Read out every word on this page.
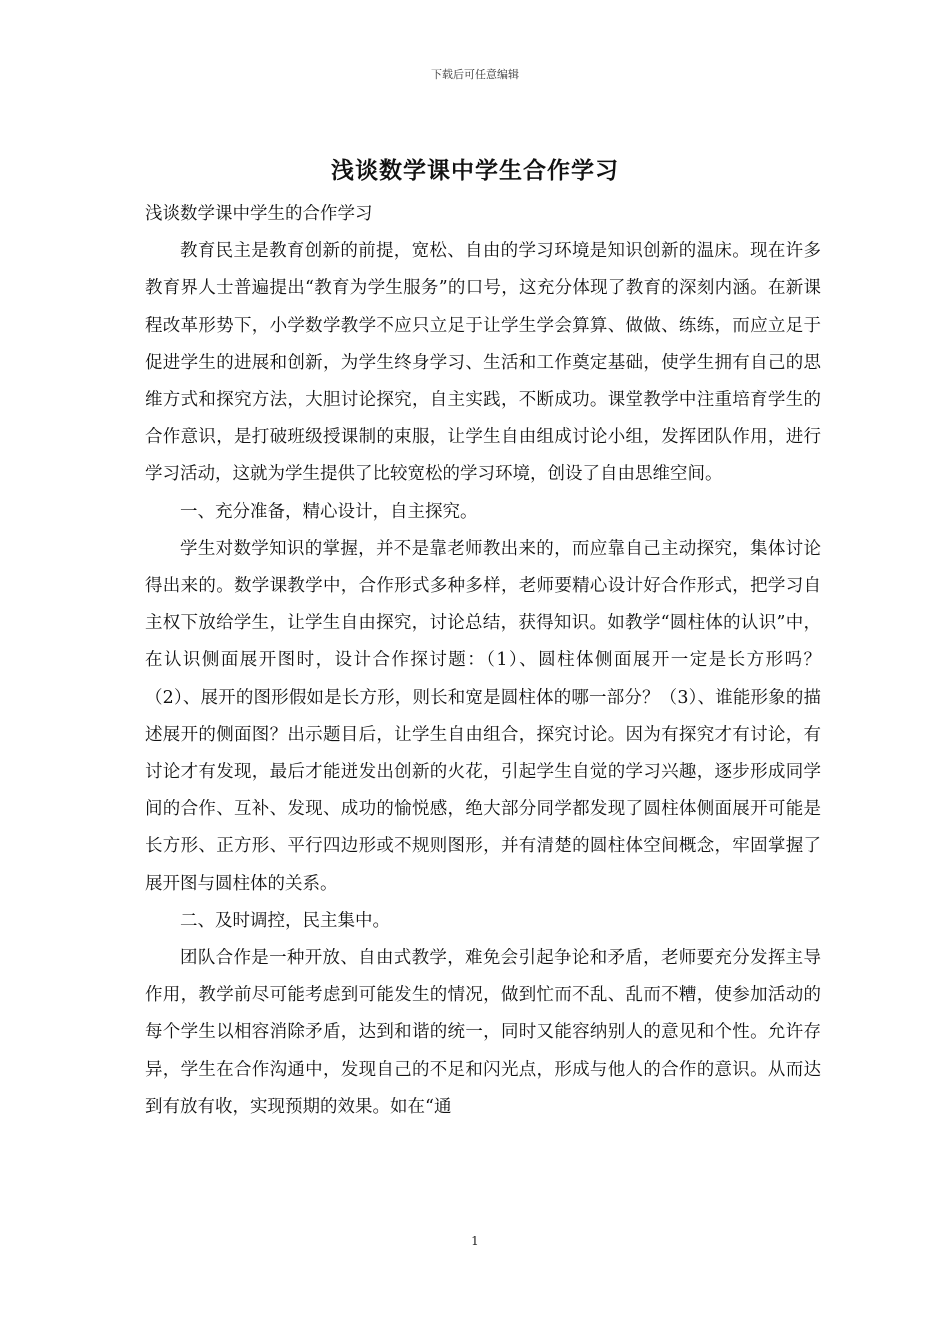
下载后可任意编辑
浅谈数学课中学生合作学习
浅谈数学课中学生的合作学习

教育民主是教育创新的前提，宽松、自由的学习环境是知识创新的温床。现在许多教育界人士普遍提出“教育为学生服务”的口号，这充分体现了教育的深刻内涵。在新课程改革形势下，小学数学教学不应只立足于让学生学会算算、做做、练练，而应立足于促进学生的进展和创新，为学生终身学习、生活和工作奠定基础，使学生拥有自己的思维方式和探究方法，大胆讨论探究，自主实践，不断成功。课堂教学中注重培育学生的合作意识，是打破班级授课制的束服，让学生自由组成讨论小组，发挥团队作用，进行学习活动，这就为学生提供了比较宽松的学习环境，创设了自由思维空间。

一、充分准备，精心设计，自主探究。

学生对数学知识的掌握，并不是靠老师教出来的，而应靠自己主动探究，集体讨论得出来的。数学课教学中，合作形式多种多样，老师要精心设计好合作形式，把学习自主权下放给学生，让学生自由探究，讨论总结，获得知识。如教学“圆柱体的认识”中，在认识侧面展开图时，设计合作探讨题：（1）、圆柱体侧面展开一定是长方形吗？（2）、展开的图形假如是长方形，则长和宽是圆柱体的哪一部分？（3）、谁能形象的描述展开的侧面图？出示题目后，让学生自由组合，探究讨论。因为有探究才有讨论，有讨论才有发现，最后才能迸发出创新的火花，引起学生自觉的学习兴趣，逐步形成同学间的合作、互补、发现、成功的愉悦感，绝大部分同学都发现了圆柱体侧面展开可能是长方形、正方形、平行四边形或不规则图形，并有清楚的圆柱体空间概念，牢固掌握了展开图与圆柱体的关系。

二、及时调控，民主集中。

团队合作是一种开放、自由式教学，难免会引起争论和矛盾，老师要充分发挥主导作用，教学前尽可能考虑到可能发生的情况，做到忙而不乱、乱而不糟，使参加活动的每个学生以相容消除矛盾，达到和谐的统一，同时又能容纳别人的意见和个性。允许存异，学生在合作沟通中，发现自己的不足和闪光点，形成与他人的合作的意识。从而达到有放有收，实现预期的效果。如在“通

1
